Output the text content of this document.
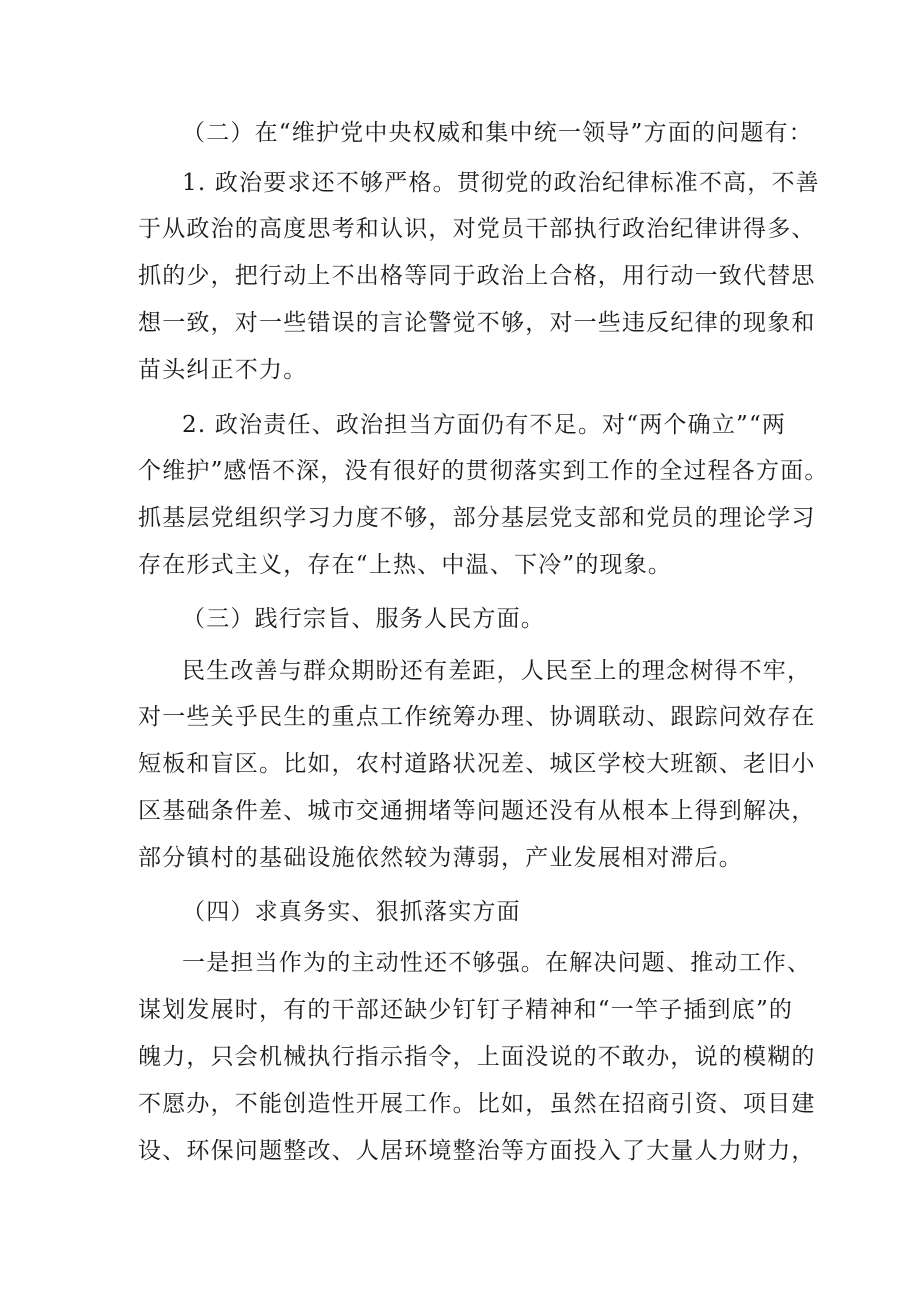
（二）在“维护党中央权威和集中统一领导”方面的问题有：
1. 政治要求还不够严格。贯彻党的政治纪律标准不高，不善
于从政治的高度思考和认识，对党员干部执行政治纪律讲得多、
抓的少，把行动上不出格等同于政治上合格，用行动一致代替思
想一致，对一些错误的言论警觉不够，对一些违反纪律的现象和
苗头纠正不力。
2. 政治责任、政治担当方面仍有不足。对“两个确立”“两
个维护”感悟不深，没有很好的贯彻落实到工作的全过程各方面。
抓基层党组织学习力度不够，部分基层党支部和党员的理论学习
存在形式主义，存在“上热、中温、下冷”的现象。
（三）践行宗旨、服务人民方面。
民生改善与群众期盼还有差距，人民至上的理念树得不牢，
对一些关乎民生的重点工作统筹办理、协调联动、跟踪问效存在
短板和盲区。比如，农村道路状况差、城区学校大班额、老旧小
区基础条件差、城市交通拥堵等问题还没有从根本上得到解决，
部分镇村的基础设施依然较为薄弱，产业发展相对滞后。
（四）求真务实、狠抓落实方面
一是担当作为的主动性还不够强。在解决问题、推动工作、
谋划发展时，有的干部还缺少钉钉子精神和“一竿子插到底”的
魄力，只会机械执行指示指令，上面没说的不敢办，说的模糊的
不愿办，不能创造性开展工作。比如，虽然在招商引资、项目建
设、环保问题整改、人居环境整治等方面投入了大量人力财力，
